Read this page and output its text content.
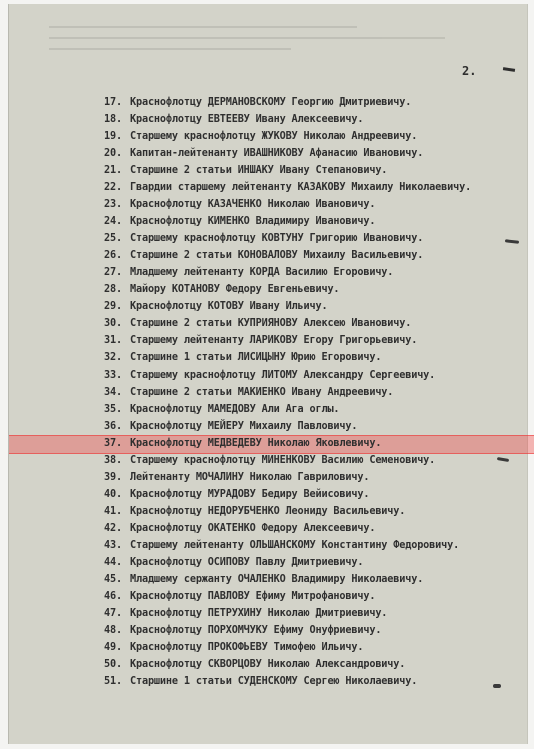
2.
17. Краснофлотцу ДЕРМАНОВСКОМУ Георгию Дмитриевичу.
18. Краснофлотцу ЕВТЕЕВУ Ивану Алексеевичу.
19. Старшему краснофлотцу ЖУКОВУ Николаю Андреевичу.
20. Капитан-лейтенанту ИВАШНИКОВУ Афанасию Ивановичу.
21. Старшине 2 статьи ИНШАКУ Ивану Степановичу.
22. Гвардии старшему лейтенанту КАЗАКОВУ Михаилу Николаевичу.
23. Краснофлотцу КАЗАЧЕНКО Николаю Ивановичу.
24. Краснофлотцу КИМЕНКО Владимиру Ивановичу.
25. Старшему краснофлотцу КОВТУНУ Григорию Ивановичу.
26. Старшине 2 статьи КОНОВАЛОВУ Михаилу Васильевичу.
27. Младшему лейтенанту КОРДА Василию Егоровичу.
28. Майору КОТАНОВУ Федору Евгеньевичу.
29. Краснофлотцу КОТОВУ Ивану Ильичу.
30. Старшине 2 статьи КУПРИЯНОВУ Алексею Ивановичу.
31. Старшему лейтенанту ЛАРИКОВУ Егору Григорьевичу.
32. Старшине 1 статьи ЛИСИЦЫНУ Юрию Егоровичу.
33. Старшему краснофлотцу ЛИТОМУ Александру Сергеевичу.
34. Старшине 2 статьи МАКИЕНКО Ивану Андреевичу.
35. Краснофлотцу МАМЕДОВУ Али Ага оглы.
36. Краснофлотцу МЕЙЕРУ Михаилу Павловичу.
37. Краснофлотцу МЕДВЕДЕВУ Николаю Яковлевичу.
38. Старшему краснофлотцу МИНЕНКОВУ Василию Семеновичу.
39. Лейтенанту МОЧАЛИНУ Николаю Гавриловичу.
40. Краснофлотцу МУРАДОВУ Бедиру Вейисовичу.
41. Краснофлотцу НЕДОРУБЧЕНКО Леониду Васильевичу.
42. Краснофлотцу ОКАТЕНКО Федору Алексеевичу.
43. Старшему лейтенанту ОЛЬШАНСКОМУ Константину Федоровичу.
44. Краснофлотцу ОСИПОВУ Павлу Дмитриевичу.
45. Младшему сержанту ОЧАЛЕНКО Владимиру Николаевичу.
46. Краснофлотцу ПАВЛОВУ Ефиму Митрофановичу.
47. Краснофлотцу ПЕТРУХИНУ Николаю Дмитриевичу.
48. Краснофлотцу ПОРХОМЧУКУ Ефиму Онуфриевичу.
49. Краснофлотцу ПРОКОФЬЕВУ Тимофею Ильичу.
50. Краснофлотцу СКВОРЦОВУ Николаю Александровичу.
51. Старшине 1 статьи СУДЕНСКОМУ Сергею Николаевичу.
